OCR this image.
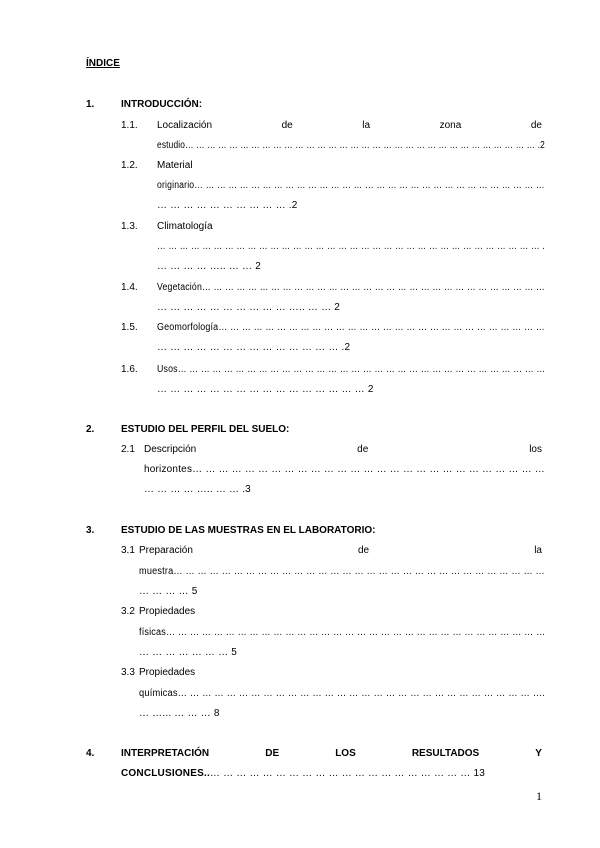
ÍNDICE
1.	INTRODUCCIÓN:
1.1. Localización	de	la	zona	de
estudio… … … … … … … … … … … … … … … … … … … … … … … … … … … … … … … … .2
1.2. Material
originario… … … … … … … … … … … … … … … … … … … … … … … … … … … … … … …
… … … … … … … … … … .2
1.3. Climatología
… … … … … … … … … … … … … … … … … … … … … … … … … … … … … … … … … … .
… … … … ….. … … 2
1.4. Vegetación… … … … … … … … … … … … … … … … … … … … … … … … … … … … … …
… … … … … … … … … … ….. … … 2
1.5. Geomorfología… … … … … … … … … … … … … … … … … … … … … … … … … … … …
… … … … … … … … … … … … … … .2
1.6. Usos… … … … … … … … … … … … … … … … … … … … … … … … … … … … … … … …
… … … … … … … … … … … … … … … … 2
2.	ESTUDIO DEL PERFIL DEL SUELO:
2.1 Descripción	de	los
horizontes… … … … … … … … … … … … … … … … … … … … … … … … … … …
… … … … ….. … … .3
3.	ESTUDIO DE LAS MUESTRAS EN EL LABORATORIO:
3.1 Preparación	de	la
muestra… … … … … … … … … … … … … … … … … … … … … … … … … … … … … … …
… … … … 5
3.2 Propiedades
físicas… … … … … … … … … … … … … … … … … … … … … … … … … … … … … … … …
… … … … … … … 5
3.3 Propiedades
químicas… … … … … … … … … … … … … … … … … … … … … … … … … … … … … ….
… …... … … … 8
4.	INTERPRETACIÓN	DE	LOS	RESULTADOS	Y
CONCLUSIONES..… … … … … … … … … … … … … … … … … … … … 13
1
